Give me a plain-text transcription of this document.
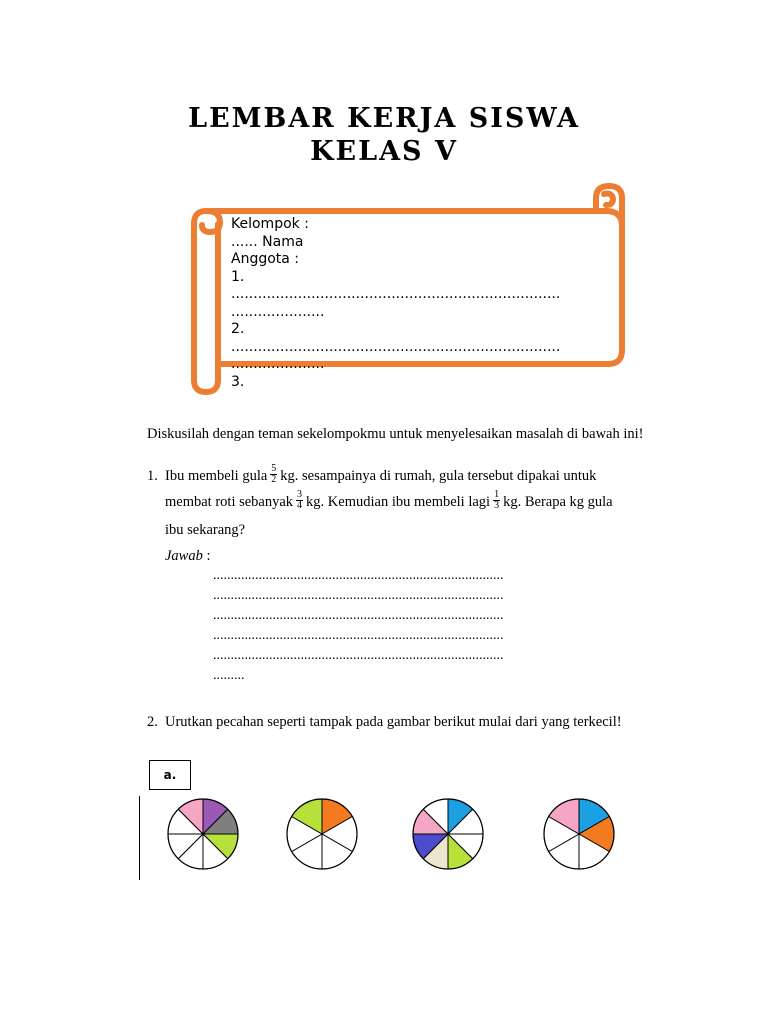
LEMBAR KERJA SISWA
KELAS V
Kelompok :
...... Nama
Anggota :
1.
..........................................................................
.....................
2.
..........................................................................
.....................
3.
Diskusilah dengan teman sekelompokmu untuk menyelesaikan masalah di bawah ini!
1. Ibu membeli gula $\frac{5}{2}$ kg. sesampainya di rumah, gula tersebut dipakai untuk
membat roti sebanyak $\frac{3}{4}$ kg. Kemudian ibu membeli lagi $\frac{1}{3}$ kg. Berapa kg gula
ibu sekarang?
Jawab :
...................................................................................
...................................................................................
...................................................................................
...................................................................................
...................................................................................
.........
2. Urutkan pecahan seperti tampak pada gambar berikut mulai dari yang terkecil!
a.
